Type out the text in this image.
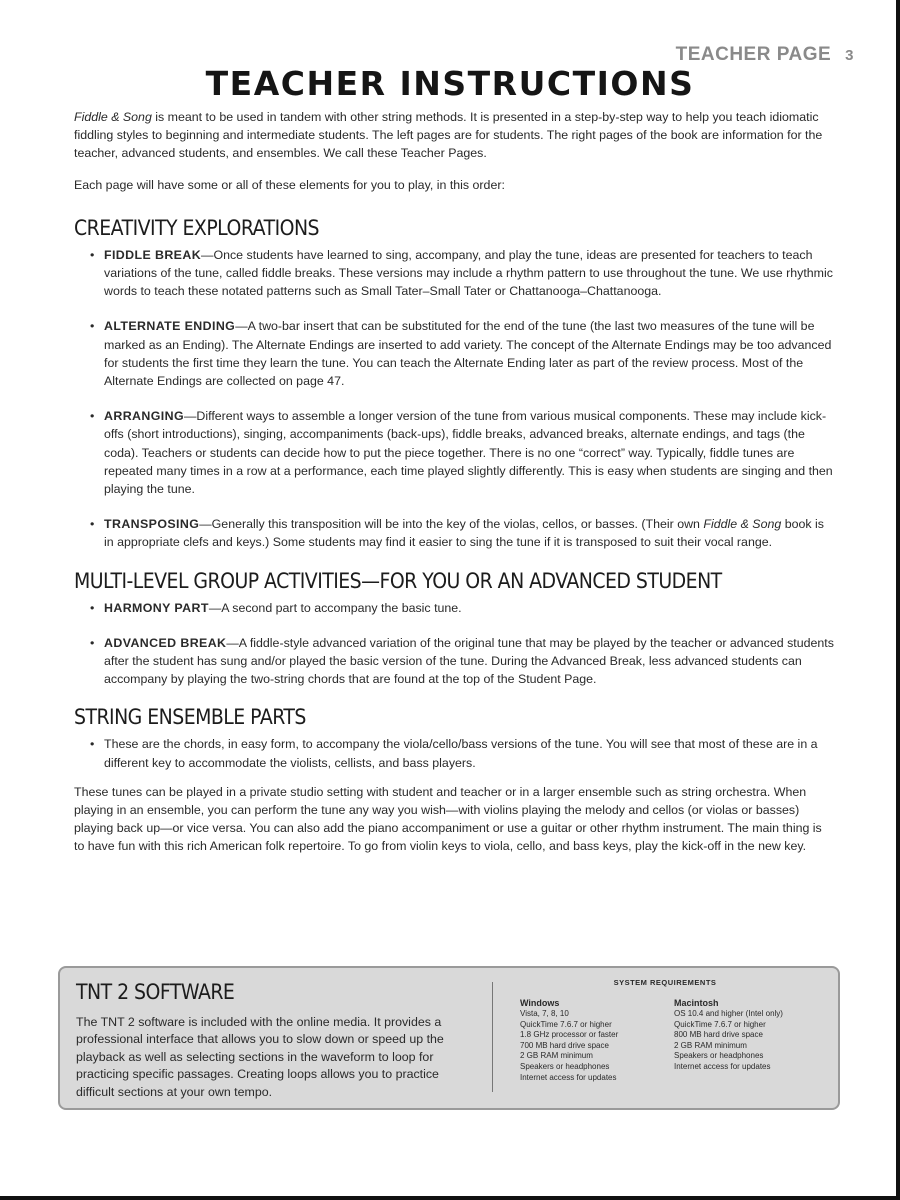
TEACHER PAGE 3
TEACHER INSTRUCTIONS

Fiddle & Song is meant to be used in tandem with other string methods. It is presented in a step-by-step way to help you teach idiomatic fiddling styles to beginning and intermediate students. The left pages are for students. The right pages of the book are information for the teacher, advanced students, and ensembles. We call these Teacher Pages.

Each page will have some or all of these elements for you to play, in this order:

CREATIVITY EXPLORATIONS
• FIDDLE BREAK—Once students have learned to sing, accompany, and play the tune, ideas are presented for teachers to teach variations of the tune, called fiddle breaks. These versions may include a rhythm pattern to use throughout the tune. We use rhythmic words to teach these notated patterns such as Small Tater–Small Tater or Chattanooga–Chattanooga.
• ALTERNATE ENDING—A two-bar insert that can be substituted for the end of the tune (the last two measures of the tune will be marked as an Ending). The Alternate Endings are inserted to add variety. The concept of the Alternate Endings may be too advanced for students the first time they learn the tune. You can teach the Alternate Ending later as part of the review process. Most of the Alternate Endings are collected on page 47.
• ARRANGING—Different ways to assemble a longer version of the tune from various musical components. These may include kick-offs (short introductions), singing, accompaniments (back-ups), fiddle breaks, advanced breaks, alternate endings, and tags (the coda). Teachers or students can decide how to put the piece together. There is no one “correct” way. Typically, fiddle tunes are repeated many times in a row at a performance, each time played slightly differently. This is easy when students are singing and then playing the tune.
• TRANSPOSING—Generally this transposition will be into the key of the violas, cellos, or basses. (Their own Fiddle & Song book is in appropriate clefs and keys.) Some students may find it easier to sing the tune if it is transposed to suit their vocal range.
MULTI-LEVEL GROUP ACTIVITIES—FOR YOU OR AN ADVANCED STUDENT
• HARMONY PART—A second part to accompany the basic tune.
• ADVANCED BREAK—A fiddle-style advanced variation of the original tune that may be played by the teacher or advanced students after the student has sung and/or played the basic version of the tune. During the Advanced Break, less advanced students can accompany by playing the two-string chords that are found at the top of the Student Page.
STRING ENSEMBLE PARTS
• These are the chords, in easy form, to accompany the viola/cello/bass versions of the tune. You will see that most of these are in a different key to accommodate the violists, cellists, and bass players.

These tunes can be played in a private studio setting with student and teacher or in a larger ensemble such as string orchestra. When playing in an ensemble, you can perform the tune any way you wish—with violins playing the melody and cellos (or violas or basses) playing back up—or vice versa. You can also add the piano accompaniment or use a guitar or other rhythm instrument. The main thing is to have fun with this rich American folk repertoire. To go from violin keys to viola, cello, and bass keys, play the kick-off in the new key.

TNT 2 SOFTWARE
The TNT 2 software is included with the online media. It provides a professional interface that allows you to slow down or speed up the playback as well as selecting sections in the waveform to loop for practicing specific passages. Creating loops allows you to practice difficult sections at your own tempo.
SYSTEM REQUIREMENTS
Windows
Vista, 7, 8, 10
QuickTime 7.6.7 or higher
1.8 GHz processor or faster
700 MB hard drive space
2 GB RAM minimum
Speakers or headphones
Internet access for updates
Macintosh
OS 10.4 and higher (Intel only)
QuickTime 7.6.7 or higher
800 MB hard drive space
2 GB RAM minimum
Speakers or headphones
Internet access for updates
